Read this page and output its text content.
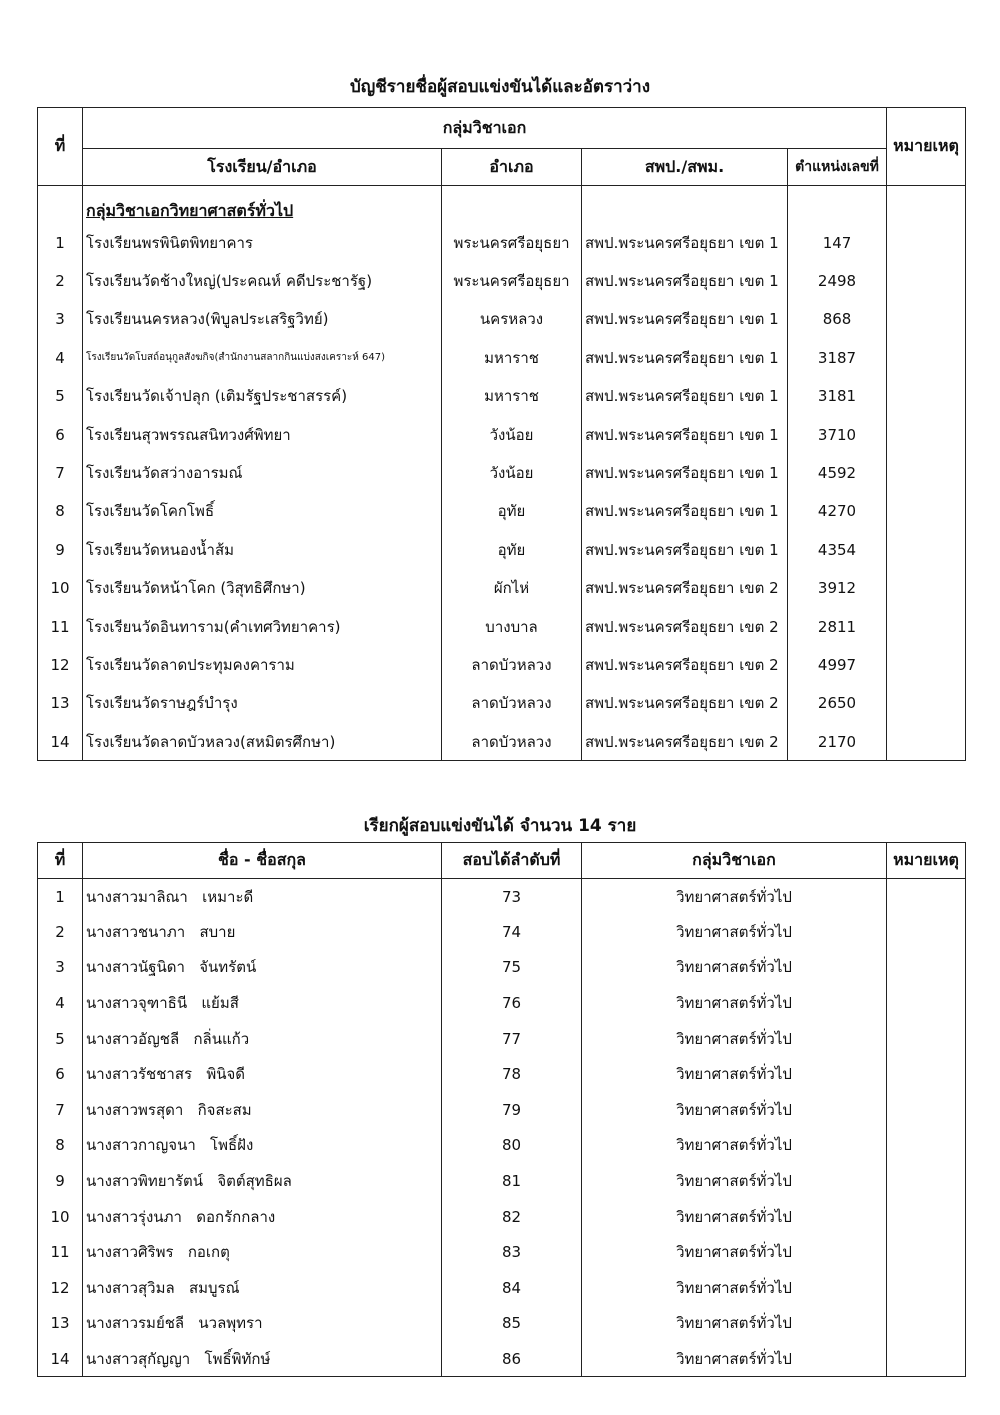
บัญชีรายชื่อผู้สอบแข่งขันได้และอัตราว่าง
ที่	กลุ่มวิชาเอก				หมายเหตุ
	โรงเรียน/อำเภอ	อำเภอ	สพป./สพม.	ตำแหน่งเลขที่	
	กลุ่มวิชาเอกวิทยาศาสตร์ทั่วไป				
1	โรงเรียนพรพินิตพิทยาคาร	พระนครศรีอยุธยา	สพป.พระนครศรีอยุธยา เขต 1	147	
2	โรงเรียนวัดช้างใหญ่(ประคณห์ คดีประชารัฐ)	พระนครศรีอยุธยา	สพป.พระนครศรีอยุธยา เขต 1	2498	
3	โรงเรียนนครหลวง(พิบูลประเสริฐวิทย์)	นครหลวง	สพป.พระนครศรีอยุธยา เขต 1	868	
4	โรงเรียนวัดโบสถ์อนุกูลสังฆกิจ(สำนักงานสลากกินแบ่งสงเคราะห์ 647)	มหาราช	สพป.พระนครศรีอยุธยา เขต 1	3187	
5	โรงเรียนวัดเจ้าปลุก (เติมรัฐประชาสรรค์)	มหาราช	สพป.พระนครศรีอยุธยา เขต 1	3181	
6	โรงเรียนสุวพรรณสนิทวงศ์พิทยา	วังน้อย	สพป.พระนครศรีอยุธยา เขต 1	3710	
7	โรงเรียนวัดสว่างอารมณ์	วังน้อย	สพป.พระนครศรีอยุธยา เขต 1	4592	
8	โรงเรียนวัดโคกโพธิ์	อุทัย	สพป.พระนครศรีอยุธยา เขต 1	4270	
9	โรงเรียนวัดหนองน้ำส้ม	อุทัย	สพป.พระนครศรีอยุธยา เขต 1	4354	
10	โรงเรียนวัดหน้าโคก (วิสุทธิศึกษา)	ผักไห่	สพป.พระนครศรีอยุธยา เขต 2	3912	
11	โรงเรียนวัดอินทาราม(คำเทศวิทยาคาร)	บางบาล	สพป.พระนครศรีอยุธยา เขต 2	2811	
12	โรงเรียนวัดลาดประทุมคงคาราม	ลาดบัวหลวง	สพป.พระนครศรีอยุธยา เขต 2	4997	
13	โรงเรียนวัดราษฎร์บำรุง	ลาดบัวหลวง	สพป.พระนครศรีอยุธยา เขต 2	2650	
14	โรงเรียนวัดลาดบัวหลวง(สหมิตรศึกษา)	ลาดบัวหลวง	สพป.พระนครศรีอยุธยา เขต 2	2170	
เรียกผู้สอบแข่งขันได้ จำนวน 14 ราย
ที่	ชื่อ - ชื่อสกุล	สอบได้ลำดับที่	กลุ่มวิชาเอก	หมายเหตุ
1	นางสาวมาลิณา   เหมาะดี	73	วิทยาศาสตร์ทั่วไป	
2	นางสาวชนาภา   สบาย	74	วิทยาศาสตร์ทั่วไป	
3	นางสาวนัฐนิดา   จันทรัตน์	75	วิทยาศาสตร์ทั่วไป	
4	นางสาวจุฑาธินี   แย้มสี	76	วิทยาศาสตร์ทั่วไป	
5	นางสาวอัญชลี   กลิ่นแก้ว	77	วิทยาศาสตร์ทั่วไป	
6	นางสาวรัชชาสร   พินิจดี	78	วิทยาศาสตร์ทั่วไป	
7	นางสาวพรสุดา   กิจสะสม	79	วิทยาศาสตร์ทั่วไป	
8	นางสาวกาญจนา   โพธิ์ฝัง	80	วิทยาศาสตร์ทั่วไป	
9	นางสาวพิทยารัตน์   จิตต์สุทธิผล	81	วิทยาศาสตร์ทั่วไป	
10	นางสาวรุ่งนภา   ดอกรักกลาง	82	วิทยาศาสตร์ทั่วไป	
11	นางสาวศิริพร   กอเกตุ	83	วิทยาศาสตร์ทั่วไป	
12	นางสาวสุวิมล   สมบูรณ์	84	วิทยาศาสตร์ทั่วไป	
13	นางสาวรมย์ชลี   นวลพุทรา	85	วิทยาศาสตร์ทั่วไป	
14	นางสาวสุกัญญา   โพธิ์พิทักษ์	86	วิทยาศาสตร์ทั่วไป	
